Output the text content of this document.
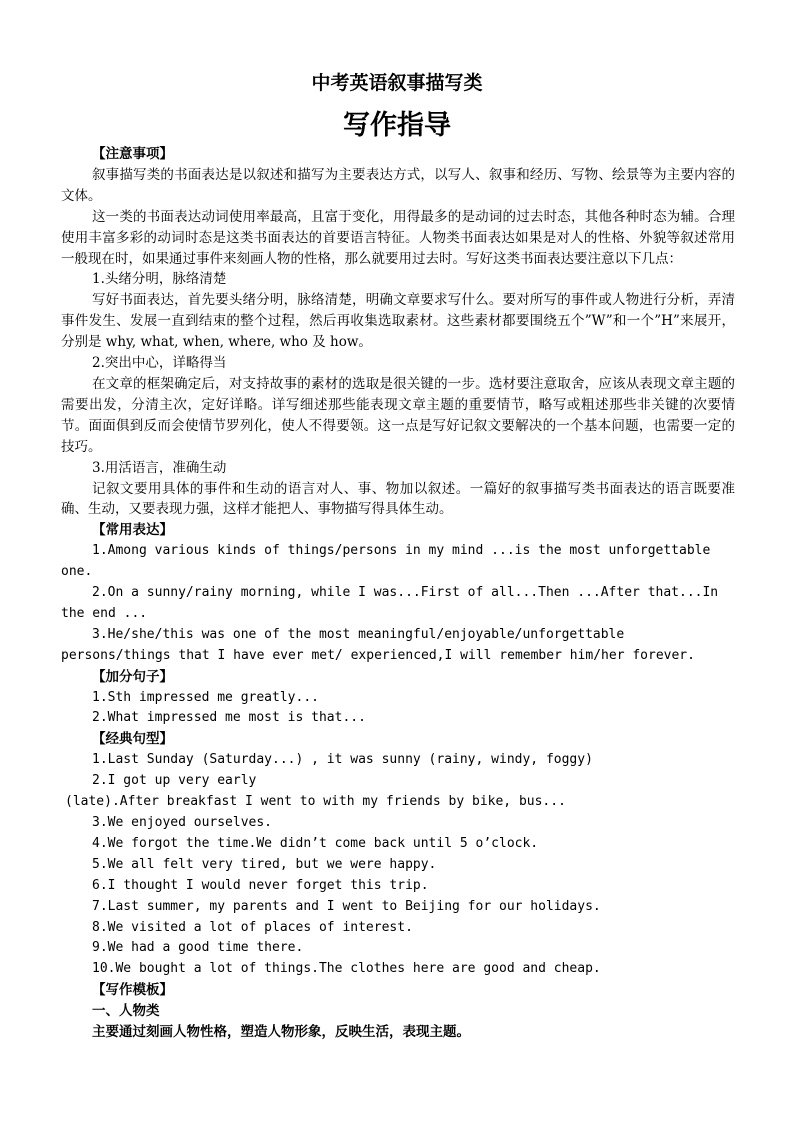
中考英语叙事描写类
写作指导

【注意事项】

叙事描写类的书面表达是以叙述和描写为主要表达方式，以写人、叙事和经历、写物、绘景等为主要内容的文体。

这一类的书面表达动词使用率最高，且富于变化，用得最多的是动词的过去时态，其他各种时态为辅。合理使用丰富多彩的动词时态是这类书面表达的首要语言特征。人物类书面表达如果是对人的性格、外貌等叙述常用一般现在时，如果通过事件来刻画人物的性格，那么就要用过去时。写好这类书面表达要注意以下几点：

1.头绪分明，脉络清楚

写好书面表达，首先要头绪分明，脉络清楚，明确文章要求写什么。要对所写的事件或人物进行分析，弄清事件发生、发展一直到结束的整个过程，然后再收集选取素材。这些素材都要围绕五个”W”和一个”H”来展开，分别是 why, what, when, where, who 及 how。

2.突出中心，详略得当

在文章的框架确定后，对支持故事的素材的选取是很关键的一步。选材要注意取舍，应该从表现文章主题的需要出发，分清主次，定好详略。详写细述那些能表现文章主题的重要情节，略写或粗述那些非关键的次要情节。面面俱到反而会使情节罗列化，使人不得要领。这一点是写好记叙文要解决的一个基本问题，也需要一定的技巧。

3.用活语言，准确生动

记叙文要用具体的事件和生动的语言对人、事、物加以叙述。一篇好的叙事描写类书面表达的语言既要准确、生动，又要表现力强，这样才能把人、事物描写得具体生动。

【常用表达】

1.Among various kinds of things/persons in my mind ...is the most unforgettable one.

2.On a sunny/rainy morning, while I was...First of all...Then ...After that...In the end ...

3.He/she/this was one of the most meaningful/enjoyable/unforgettable persons/things that I have ever met/ experienced,I will remember him/her forever.

【加分句子】

1.Sth impressed me greatly...

2.What impressed me most is that...

【经典句型】

1.Last Sunday (Saturday...) , it was sunny (rainy, windy, foggy)

2.I got up very early

(late).After breakfast I went to with my friends by bike, bus...

3.We enjoyed ourselves.

4.We forgot the time.We didn’t come back until 5 o’clock.

5.We all felt very tired, but we were happy.

6.I thought I would never forget this trip.

7.Last summer, my parents and I went to Beijing for our holidays.

8.We visited a lot of places of interest.

9.We had a good time there.

10.We bought a lot of things.The clothes here are good and cheap.

【写作模板】

一、人物类

主要通过刻画人物性格，塑造人物形象，反映生活，表现主题。
